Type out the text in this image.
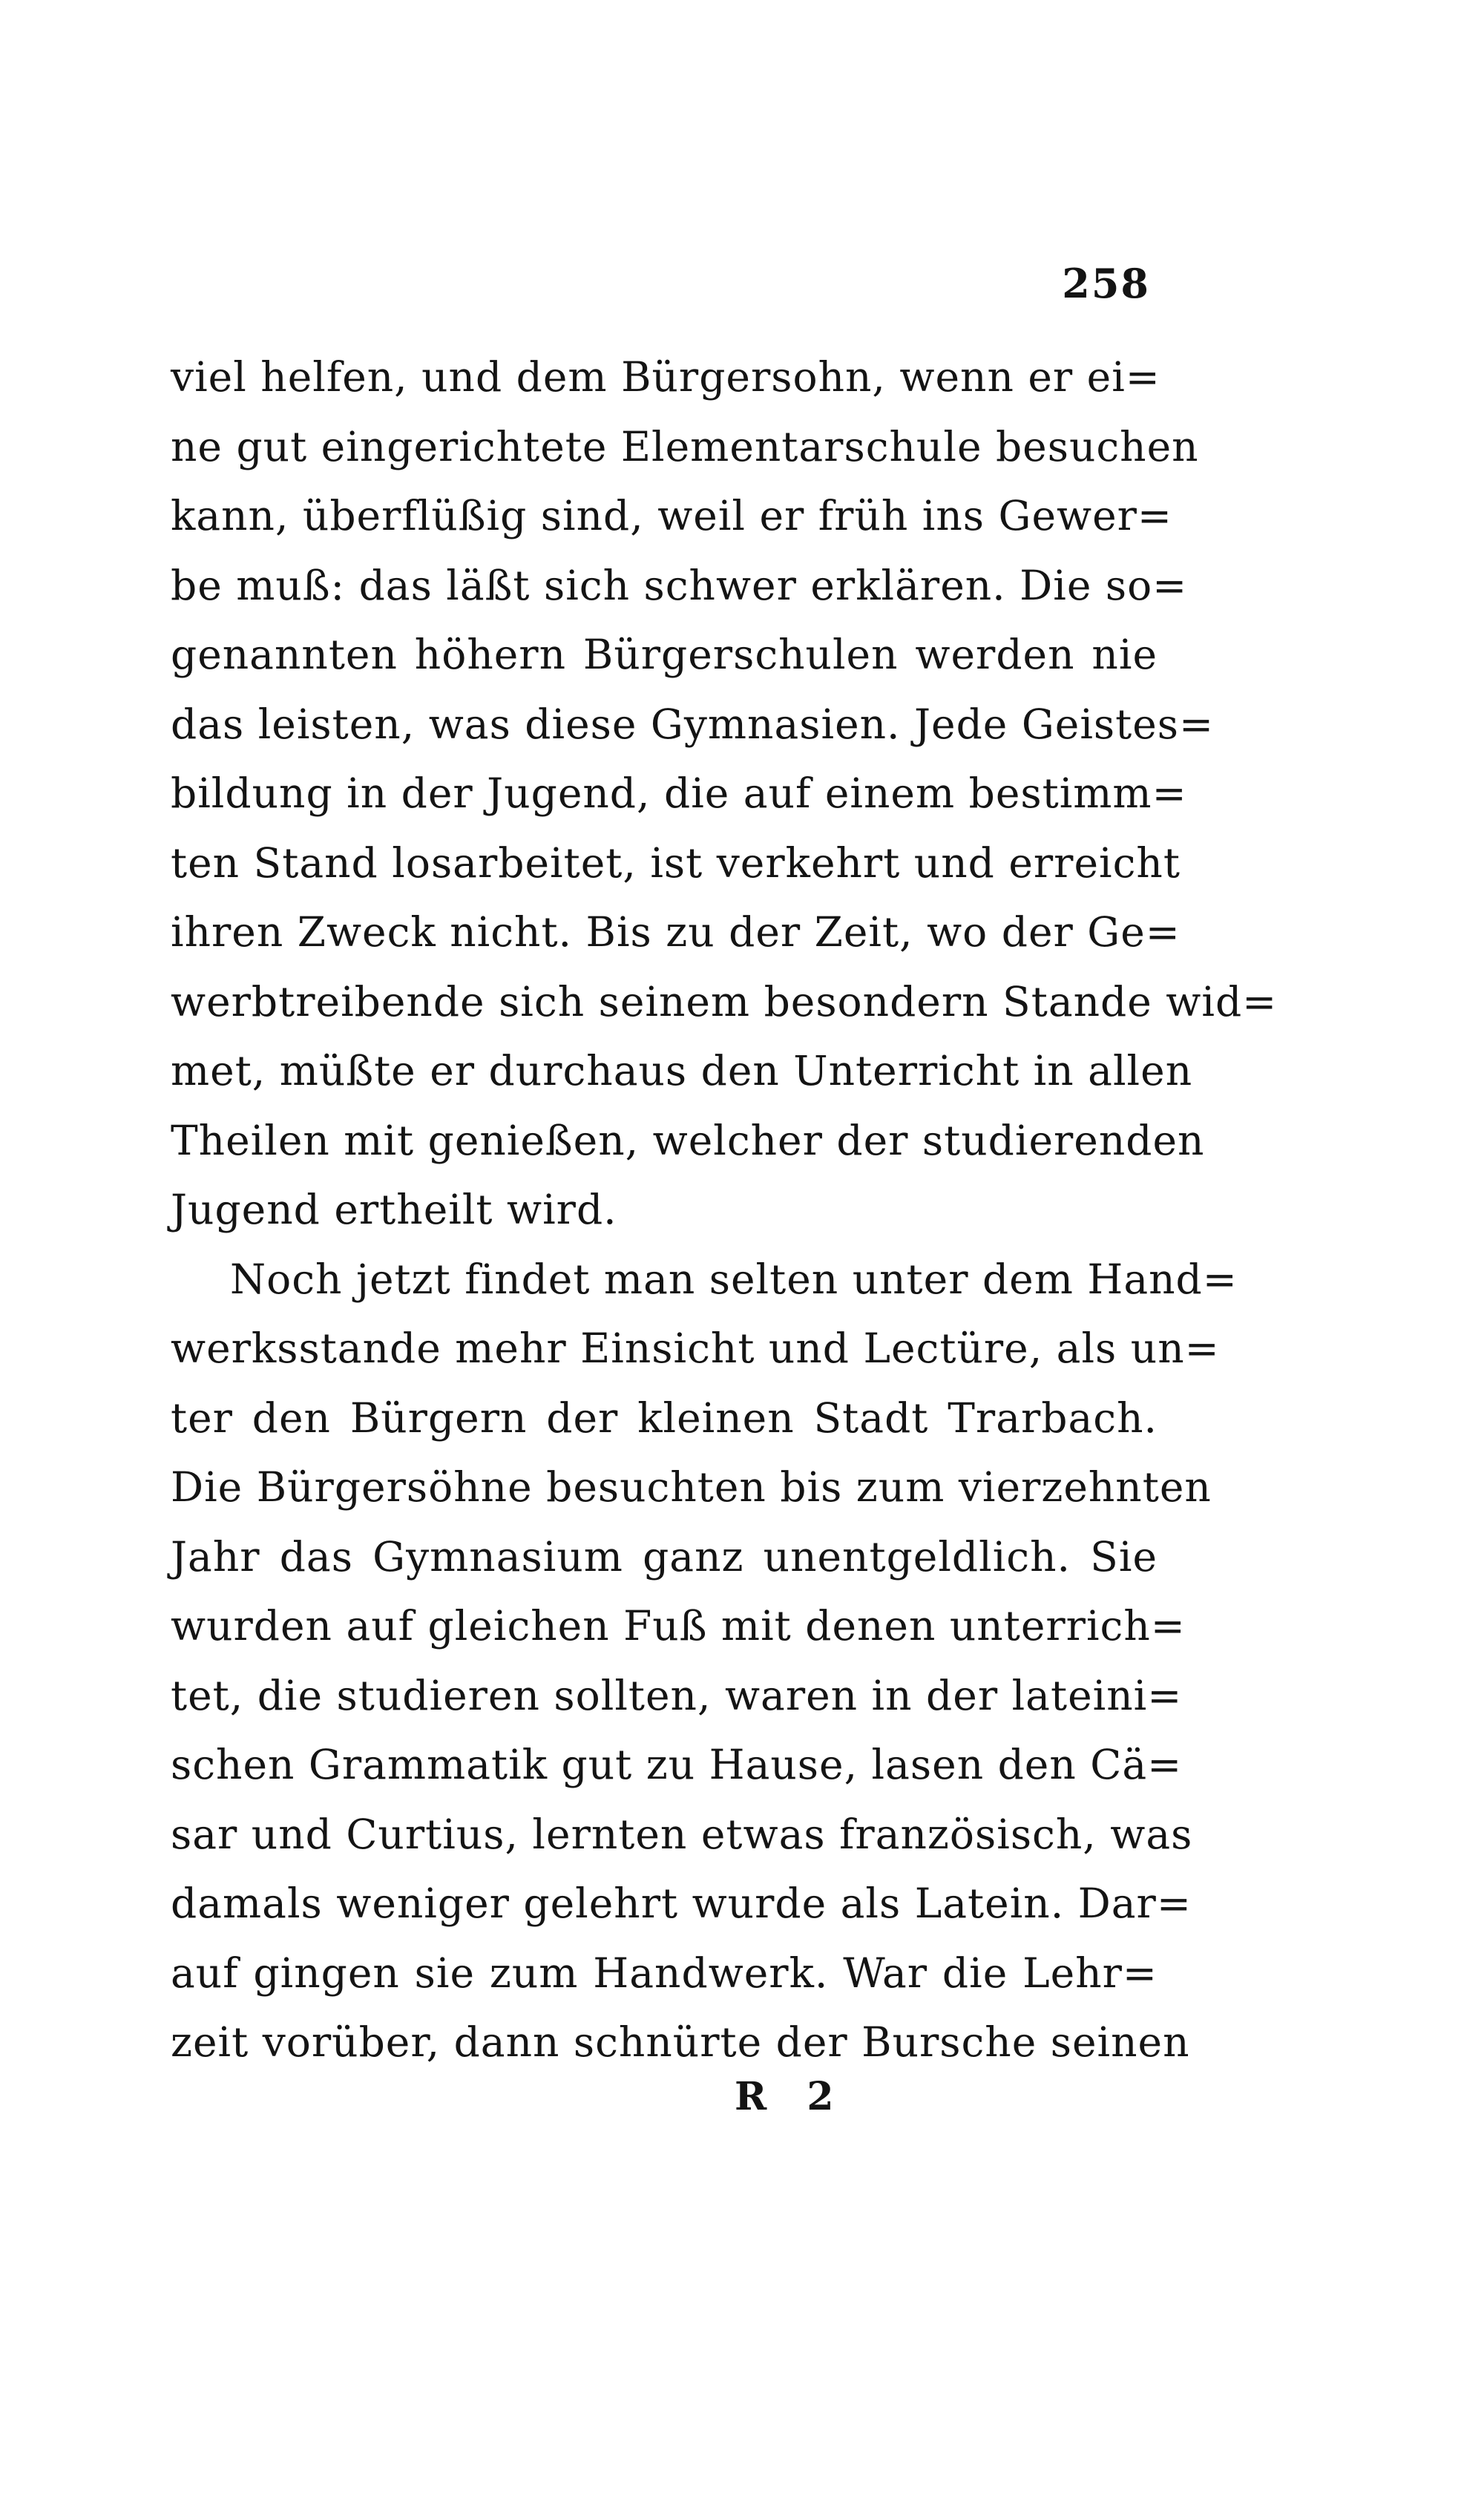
258
viel helfen, und dem Bürgersohn, wenn er ei=
ne gut eingerichtete Elementarschule besuchen
kann, überflüßig sind, weil er früh ins Gewer=
be muß: das läßt sich schwer erklären. Die so=
genannten höhern Bürgerschulen werden nie
das leisten, was diese Gymnasien. Jede Geistes=
bildung in der Jugend, die auf einem bestimm=
ten Stand losarbeitet, ist verkehrt und erreicht
ihren Zweck nicht. Bis zu der Zeit, wo der Ge=
werbtreibende sich seinem besondern Stande wid=
met, müßte er durchaus den Unterricht in allen
Theilen mit genießen, welcher der studierenden
Jugend ertheilt wird.
Noch jetzt findet man selten unter dem Hand=
werksstande mehr Einsicht und Lectüre, als un=
ter den Bürgern der kleinen Stadt Trarbach.
Die Bürgersöhne besuchten bis zum vierzehnten
Jahr das Gymnasium ganz unentgeldlich. Sie
wurden auf gleichen Fuß mit denen unterrich=
tet, die studieren sollten, waren in der lateini=
schen Grammatik gut zu Hause, lasen den Cä=
sar und Curtius, lernten etwas französisch, was
damals weniger gelehrt wurde als Latein. Dar=
auf gingen sie zum Handwerk. War die Lehr=
zeit vorüber, dann schnürte der Bursche seinen
R 2
